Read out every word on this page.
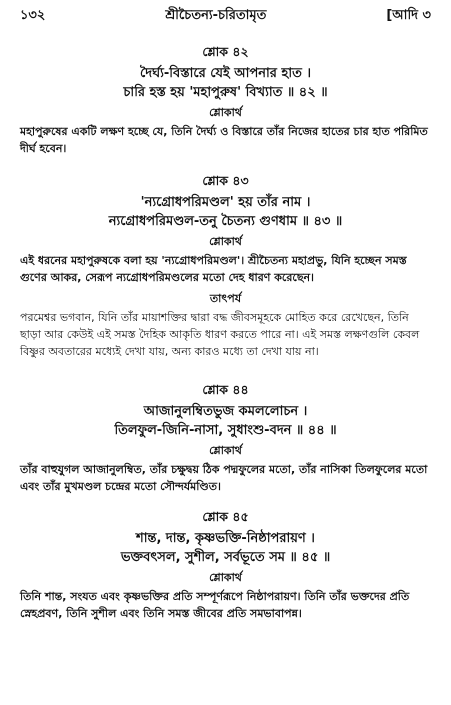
১৩২	শ্রীচৈতন্য-চরিতামৃত	[আদি ৩
শ্লোক ৪২
দৈর্ঘ্য-বিস্তারে যেই আপনার হাত ।
চারি হস্ত হয় 'মহাপুরুষ' বিখ্যাত ॥ ৪২ ॥
শ্লোকার্থ
মহাপুরুষের একটি লক্ষণ হচ্ছে যে, তিনি দৈর্ঘ্য ও বিস্তারে তাঁর নিজের হাতের চার হাত পরিমিত দীর্ঘ হবেন।
শ্লোক ৪৩
'ন্যগ্রোধপরিমণ্ডল' হয় তাঁর নাম ।
ন্যগ্রোধপরিমণ্ডল-তনু চৈতন্য গুণধাম ॥ ৪৩ ॥
শ্লোকার্থ
এই ধরনের মহাপুরুষকে বলা হয় 'ন্যগ্রোধপরিমণ্ডল'। শ্রীচৈতন্য মহাপ্রভু, যিনি হচ্ছেন সমস্ত গুণের আকর, সেরূপ ন্যগ্রোধপরিমণ্ডলের মতো দেহ ধারণ করেছেন।
তাৎপর্য
পরমেশ্বর ভগবান, যিনি তাঁর মায়াশক্তির দ্বারা বদ্ধ জীবসমূহকে মোহিত করে রেখেছেন, তিনি ছাড়া আর কেউই এই সমস্ত দৈহিক আকৃতি ধারণ করতে পারে না। এই সমস্ত লক্ষণগুলি কেবল বিষ্ণুর অবতারের মধ্যেই দেখা যায়, অন্য কারও মধ্যে তা দেখা যায় না।
শ্লোক ৪৪
আজানুলম্বিতভুজ কমললোচন ।
তিলফুল-জিনি-নাসা, সুধাংশু-বদন ॥ ৪৪ ॥
শ্লোকার্থ
তাঁর বাহুযুগল আজানুলম্বিত, তাঁর চক্ষুদ্বয় ঠিক পদ্মফুলের মতো, তাঁর নাসিকা তিলফুলের মতো এবং তাঁর মুখমণ্ডল চন্দ্রের মতো সৌন্দর্যমণ্ডিত।
শ্লোক ৪৫
শান্ত, দান্ত, কৃষ্ণভক্তি-নিষ্ঠাপরায়ণ ।
ভক্তবৎসল, সুশীল, সর্বভূতে সম ॥ ৪৫ ॥
শ্লোকার্থ
তিনি শান্ত, সংযত এবং কৃষ্ণভক্তির প্রতি সম্পূর্ণরূপে নিষ্ঠাপরায়ণ। তিনি তাঁর ভক্তদের প্রতি স্নেহপ্রবণ, তিনি সুশীল এবং তিনি সমস্ত জীবের প্রতি সমভাবাপন্ন।
